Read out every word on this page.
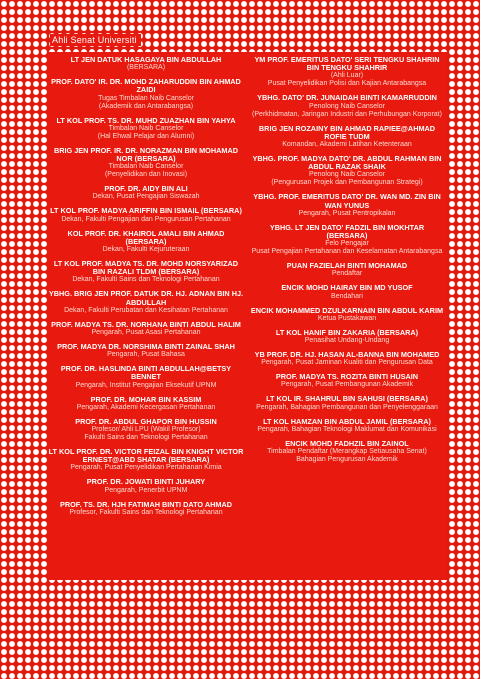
Ahli Senat Universiti
LT JEN DATUK HASAGAYA BIN ABDULLAH
(BERSARA)
PROF. DATO' IR. DR. MOHD ZAHARUDDIN BIN AHMAD ZAIDI
Tugas Timbalan Naib Canselor
(Akademik dan Antarabangsa)
LT KOL PROF. TS. DR. MUHD ZUAZHAN BIN YAHYA
Timbalan Naib Canselor
(Hal Ehwal Pelajar dan Alumni)
BRIG JEN PROF. IR. DR. NORAZMAN BIN MOHAMAD NOR (BERSARA)
Timbalan Naib Canselor
(Penyelidikan dan Inovasi)
PROF. DR. AIDY BIN ALI
Dekan, Pusat Pengajian Siswazah
LT KOL PROF. MADYA ARIFFIN BIN ISMAIL (BERSARA)
Dekan, Fakulti Pengajian dan Pengurusan Pertahanan
KOL PROF. DR. KHAIROL AMALI BIN AHMAD (BERSARA)
Dekan, Fakulti Kejuruteraan
LT KOL PROF. MADYA TS. DR. MOHD NORSYARIZAD BIN RAZALI TLDM (BERSARA)
Dekan, Fakulti Sains dan Teknologi Pertahanan
YBHG. BRIG JEN PROF. DATUK DR. HJ. ADNAN BIN HJ. ABDULLAH
Dekan, Fakulti Perubatan dan Kesihatan Pertahanan
PROF. MADYA TS. DR. NORHANA BINTI ABDUL HALIM
Pengarah, Pusat Asasi Pertahanan
PROF. MADYA DR. NORSHIMA BINTI ZAINAL SHAH
Pengarah, Pusat Bahasa
PROF. DR. HASLINDA BINTI ABDULLAH@BETSY BENNET
Pengarah, Institut Pengajian Eksekutif UPNM
PROF. DR. MOHAR BIN KASSIM
Pengarah, Akademi Kecergasan Pertahanan
PROF. DR. ABDUL GHAPOR BIN HUSSIN
Profesor/ Ahli LPU (Wakil Profesor)
Fakulti Sains dan Teknologi Pertahanan
LT KOL PROF. DR. VICTOR FEIZAL BIN KNIGHT VICTOR ERNEST@ABD SHATAR (BERSARA)
Pengarah, Pusat Penyelidikan Pertahanan Kimia
PROF. DR. JOWATI BINTI JUHARY
Pengarah, Penerbit UPNM
PROF. TS. DR. HJH FATIMAH BINTI DATO AHMAD
Profesor, Fakulti Sains dan Teknologi Pertahanan
YM PROF. EMERITUS DATO' SERI TENGKU SHAHRIN BIN TENGKU SHAHRIR
(Ahli Luar)
Pusat Penyelidikan Polisi dan Kajian Antarabangsa
YBHG. DATO' DR. JUNAIDAH BINTI KAMARRUDDIN
Penolong Naib Canselor
(Perkhidmatan, Jaringan Industri dan Perhubungan Korporat)
BRIG JEN ROZAINY BIN AHMAD RAPIEE@AHMAD ROFIE TUDM
Komandan, Akademi Latihan Ketenteraan
YBHG. PROF. MADYA DATO' DR. ABDUL RAHMAN BIN ABDUL RAZAK SHAIK
Penolong Naib Canselor
(Pengurusan Projek dan Pembangunan Strategi)
YBHG. PROF. EMERITUS DATO' DR. WAN MD. ZIN BIN WAN YUNUS
Pengarah, Pusat Pentropikalan
YBHG. LT JEN DATO' FADZIL BIN MOKHTAR (BERSARA)
Felo Pengajar
Pusat Pengajian Pertahanan dan Keselamatan Antarabangsa
PUAN FAZIELAH BINTI MOHAMAD
Pendaftar
ENCIK MOHD HAIRAY BIN MD YUSOF
Bendahari
ENCIK MOHAMMED DZULKARNAIN BIN ABDUL KARIM
Ketua Pustakawan
LT KOL HANIF BIN ZAKARIA (BERSARA)
Penasihat Undang-Undang
YB PROF. DR. HJ. HASAN AL-BANNA BIN MOHAMED
Pengarah, Pusat Jaminan Kualiti dan Pengurusan Data
PROF. MADYA TS. ROZITA BINTI HUSAIN
Pengarah, Pusat Pembangunan Akademik
LT KOL IR. SHAHRUL BIN SAHUSI (BERSARA)
Pengarah, Bahagian Pembangunan dan Penyelenggaraan
LT KOL HAMZAN BIN ABDUL JAMIL (BERSARA)
Pengarah, Bahagian Teknologi Maklumat dan Komunikasi
ENCIK MOHD FADHZIL BIN ZAINOL
Timbalan Pendaftar (Merangkap Setiausaha Senat)
Bahagian Pengurusan Akademik
